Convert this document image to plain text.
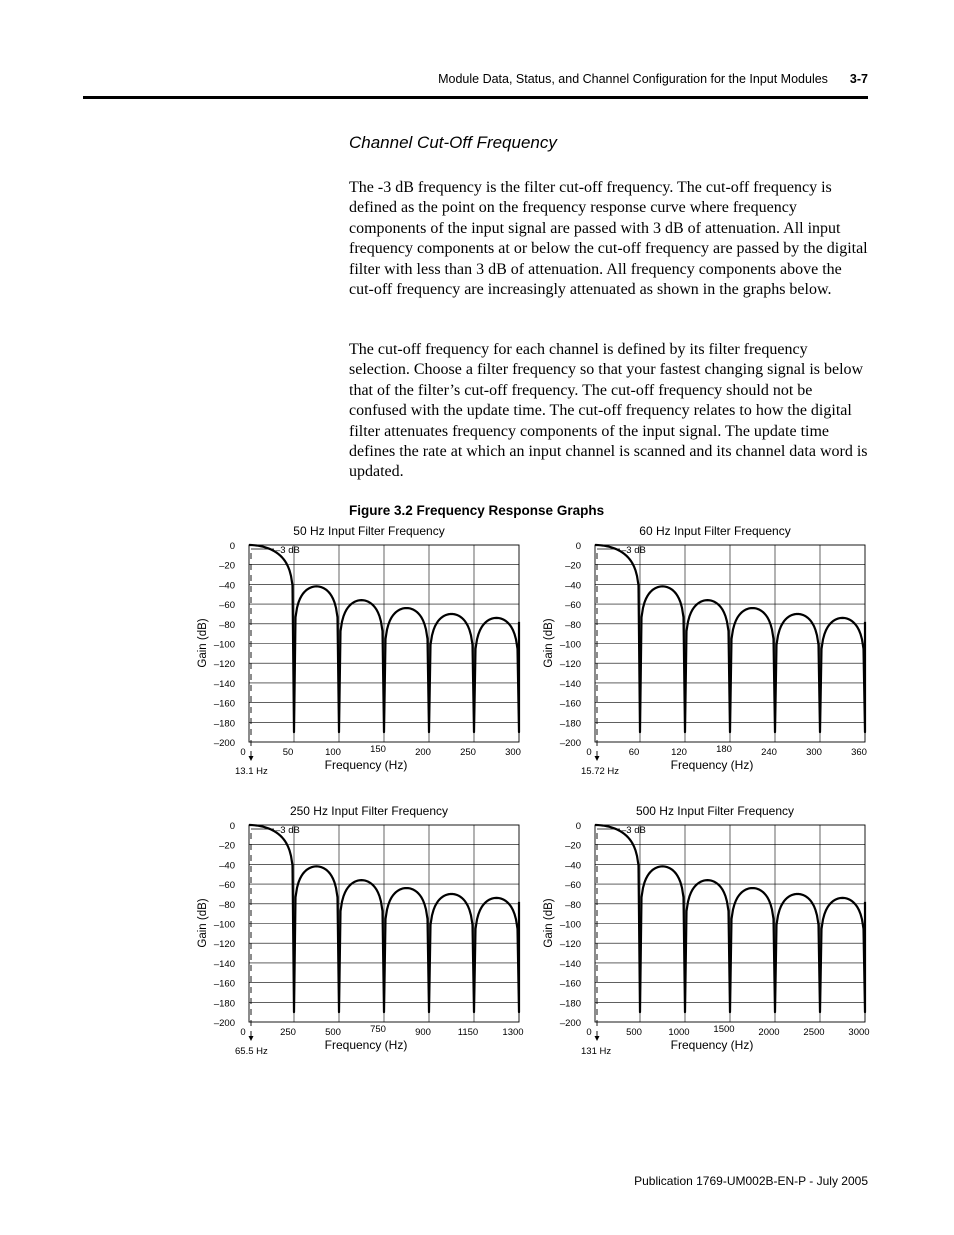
Module Data, Status, and Channel Configuration for the Input Modules 3-7
Channel Cut-Off Frequency

The -3 dB frequency is the filter cut-off frequency. The cut-off frequency is defined as the point on the frequency response curve where frequency components of the input signal are passed with 3 dB of attenuation. All input frequency components at or below the cut-off frequency are passed by the digital filter with less than 3 dB of attenuation. All frequency components above the cut-off frequency are increasingly attenuated as shown in the graphs below.

The cut-off frequency for each channel is defined by its filter frequency selection. Choose a filter frequency so that your fastest changing signal is below that of the filter’s cut-off frequency. The cut-off frequency should not be confused with the update time. The cut-off frequency relates to how the digital filter attenuates frequency components of the input signal. The update time defines the rate at which an input channel is scanned and its channel data word is updated.

Figure 3.2 Frequency Response Graphs
50 Hz Input Filter Frequency
0
–20
–40
–60
–80
–100
–120
–140
–160
–180
–200
0	50	100	150	200	250	300
Frequency (Hz)
Gain (dB)
–3 dB
13.1 Hz
60 Hz Input Filter Frequency
0
–20
–40
–60
–80
–100
–120
–140
–160
–180
–200
0	60	120	180	240	300	360
Frequency (Hz)
Gain (dB)
–3 dB
15.72 Hz
250 Hz Input Filter Frequency
0
–20
–40
–60
–80
–100
–120
–140
–160
–180
–200
0	250	500	750	900	1150	1300
Frequency (Hz)
Gain (dB)
–3 dB
65.5 Hz
500 Hz Input Filter Frequency
0
–20
–40
–60
–80
–100
–120
–140
–160
–180
–200
0	500	1000	1500	2000	2500	3000
Frequency (Hz)
Gain (dB)
–3 dB
131 Hz
Publication 1769-UM002B-EN-P - July 2005
